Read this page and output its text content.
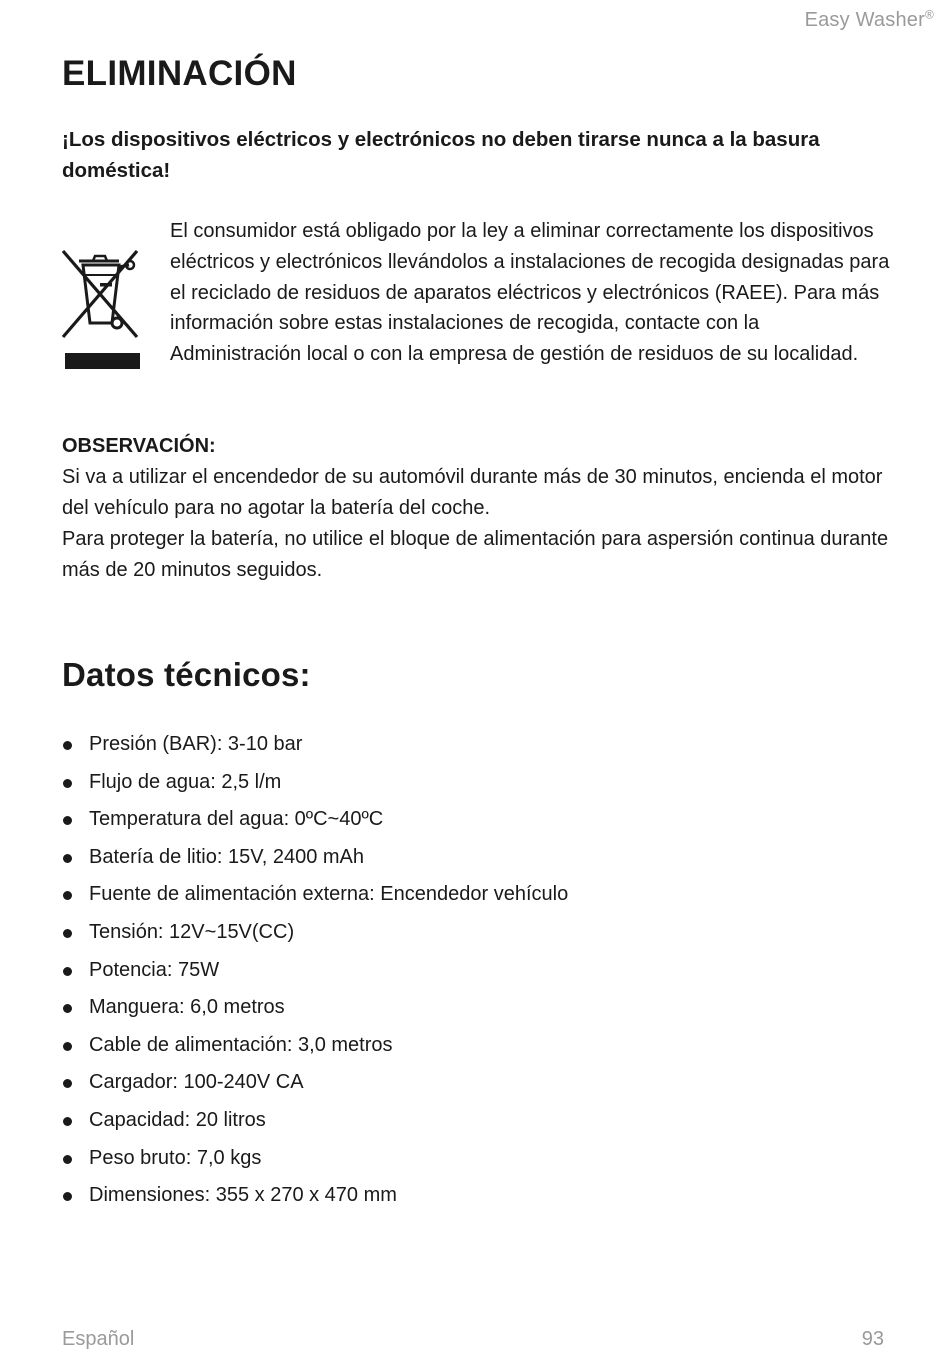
Easy Washer®
ELIMINACIÓN

¡Los dispositivos eléctricos y electrónicos no deben tirarse nunca a la basura doméstica!

El consumidor está obligado por la ley a eliminar correctamente los dispositivos eléctricos y electrónicos llevándolos a instalaciones de recogida designadas para el reciclado de residuos de aparatos eléctricos y electrónicos (RAEE). Para más información sobre estas instalaciones de recogida, contacte con la Administración local o con la empresa de gestión de residuos de su localidad.

OBSERVACIÓN:

Si va a utilizar el encendedor de su automóvil durante más de 30 minutos, encienda el motor del vehículo para no agotar la batería del coche.

Para proteger la batería, no utilice el bloque de alimentación para aspersión continua durante más de 20 minutos seguidos.

Datos técnicos:
Presión (BAR): 3-10 bar
Flujo de agua: 2,5 l/m
Temperatura del agua: 0ºC~40ºC
Batería de litio: 15V, 2400 mAh
Fuente de alimentación externa: Encendedor vehículo
Tensión: 12V~15V(CC)
Potencia: 75W
Manguera: 6,0 metros
Cable de alimentación: 3,0 metros
Cargador: 100-240V CA
Capacidad: 20 litros
Peso bruto: 7,0 kgs
Dimensiones: 355 x 270 x 470 mm
Español	93
